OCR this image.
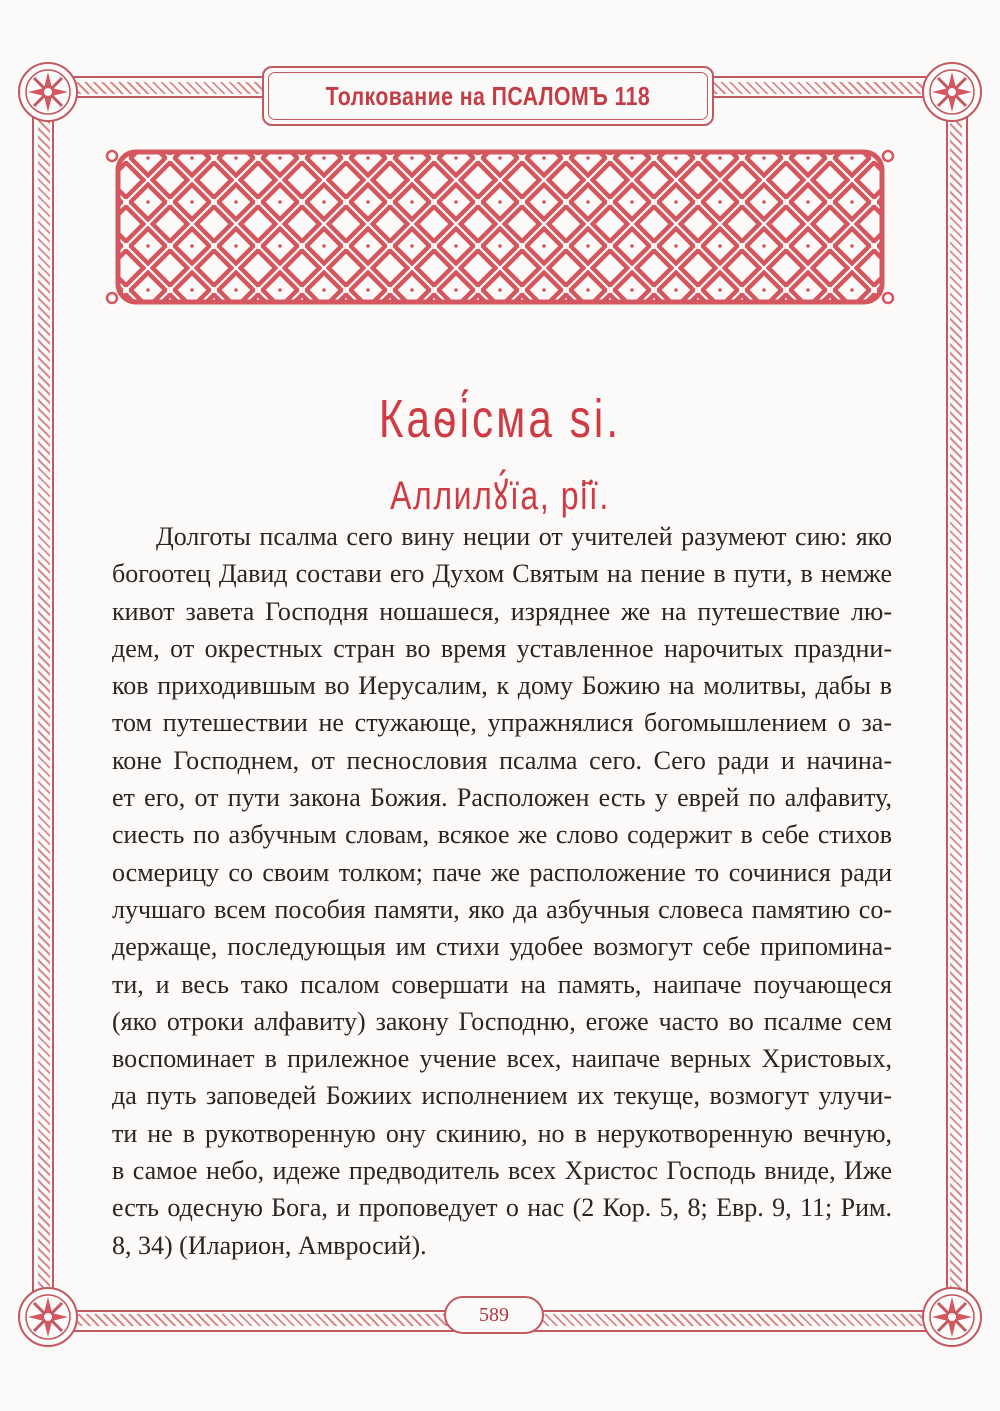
Толкование на ПСАЛОМЪ 118
Каѳі́сма ѕі.
Аллилꙋ́їа, рі҃ї.
Долготы псалма сего вину неции от учителей разумеют сию: яко
богоотец Давид состави его Духом Святым на пение в пути, в немже
кивот завета Господня ношашеся, изряднее же на путешествие лю-
дем, от окрестных стран во время уставленное нарочитых праздни-
ков приходившым во Иерусалим, к дому Божию на молитвы, дабы в
том путешествии не стужающе, упражнялися богомышлением о за-
коне Господнем, от песнословия псалма сего. Сего ради и начина-
ет его, от пути закона Божия. Расположен есть у еврей по алфавиту,
сиесть по азбучным словам, всякое же слово содержит в себе стихов
осмерицу со своим толком; паче же расположение то сочинися ради
лучшаго всем пособия памяти, яко да азбучныя словеса памятию со-
держаще, последующыя им стихи удобее возмогут себе припомина-
ти, и весь тако псалом совершати на память, наипаче поучающеся
(яко отроки алфавиту) закону Господню, егоже часто во псалме сем
воспоминает в прилежное учение всех, наипаче верных Христовых,
да путь заповедей Божиих исполнением их текуще, возмогут улучи-
ти не в рукотворенную ону скинию, но в нерукотворенную вечную,
в самое небо, идеже предводитель всех Христос Господь вниде, Иже
есть одесную Бога, и проповедует о нас (2 Кор. 5, 8; Евр. 9, 11; Рим.
8, 34) (Иларион, Амвросий).
589
